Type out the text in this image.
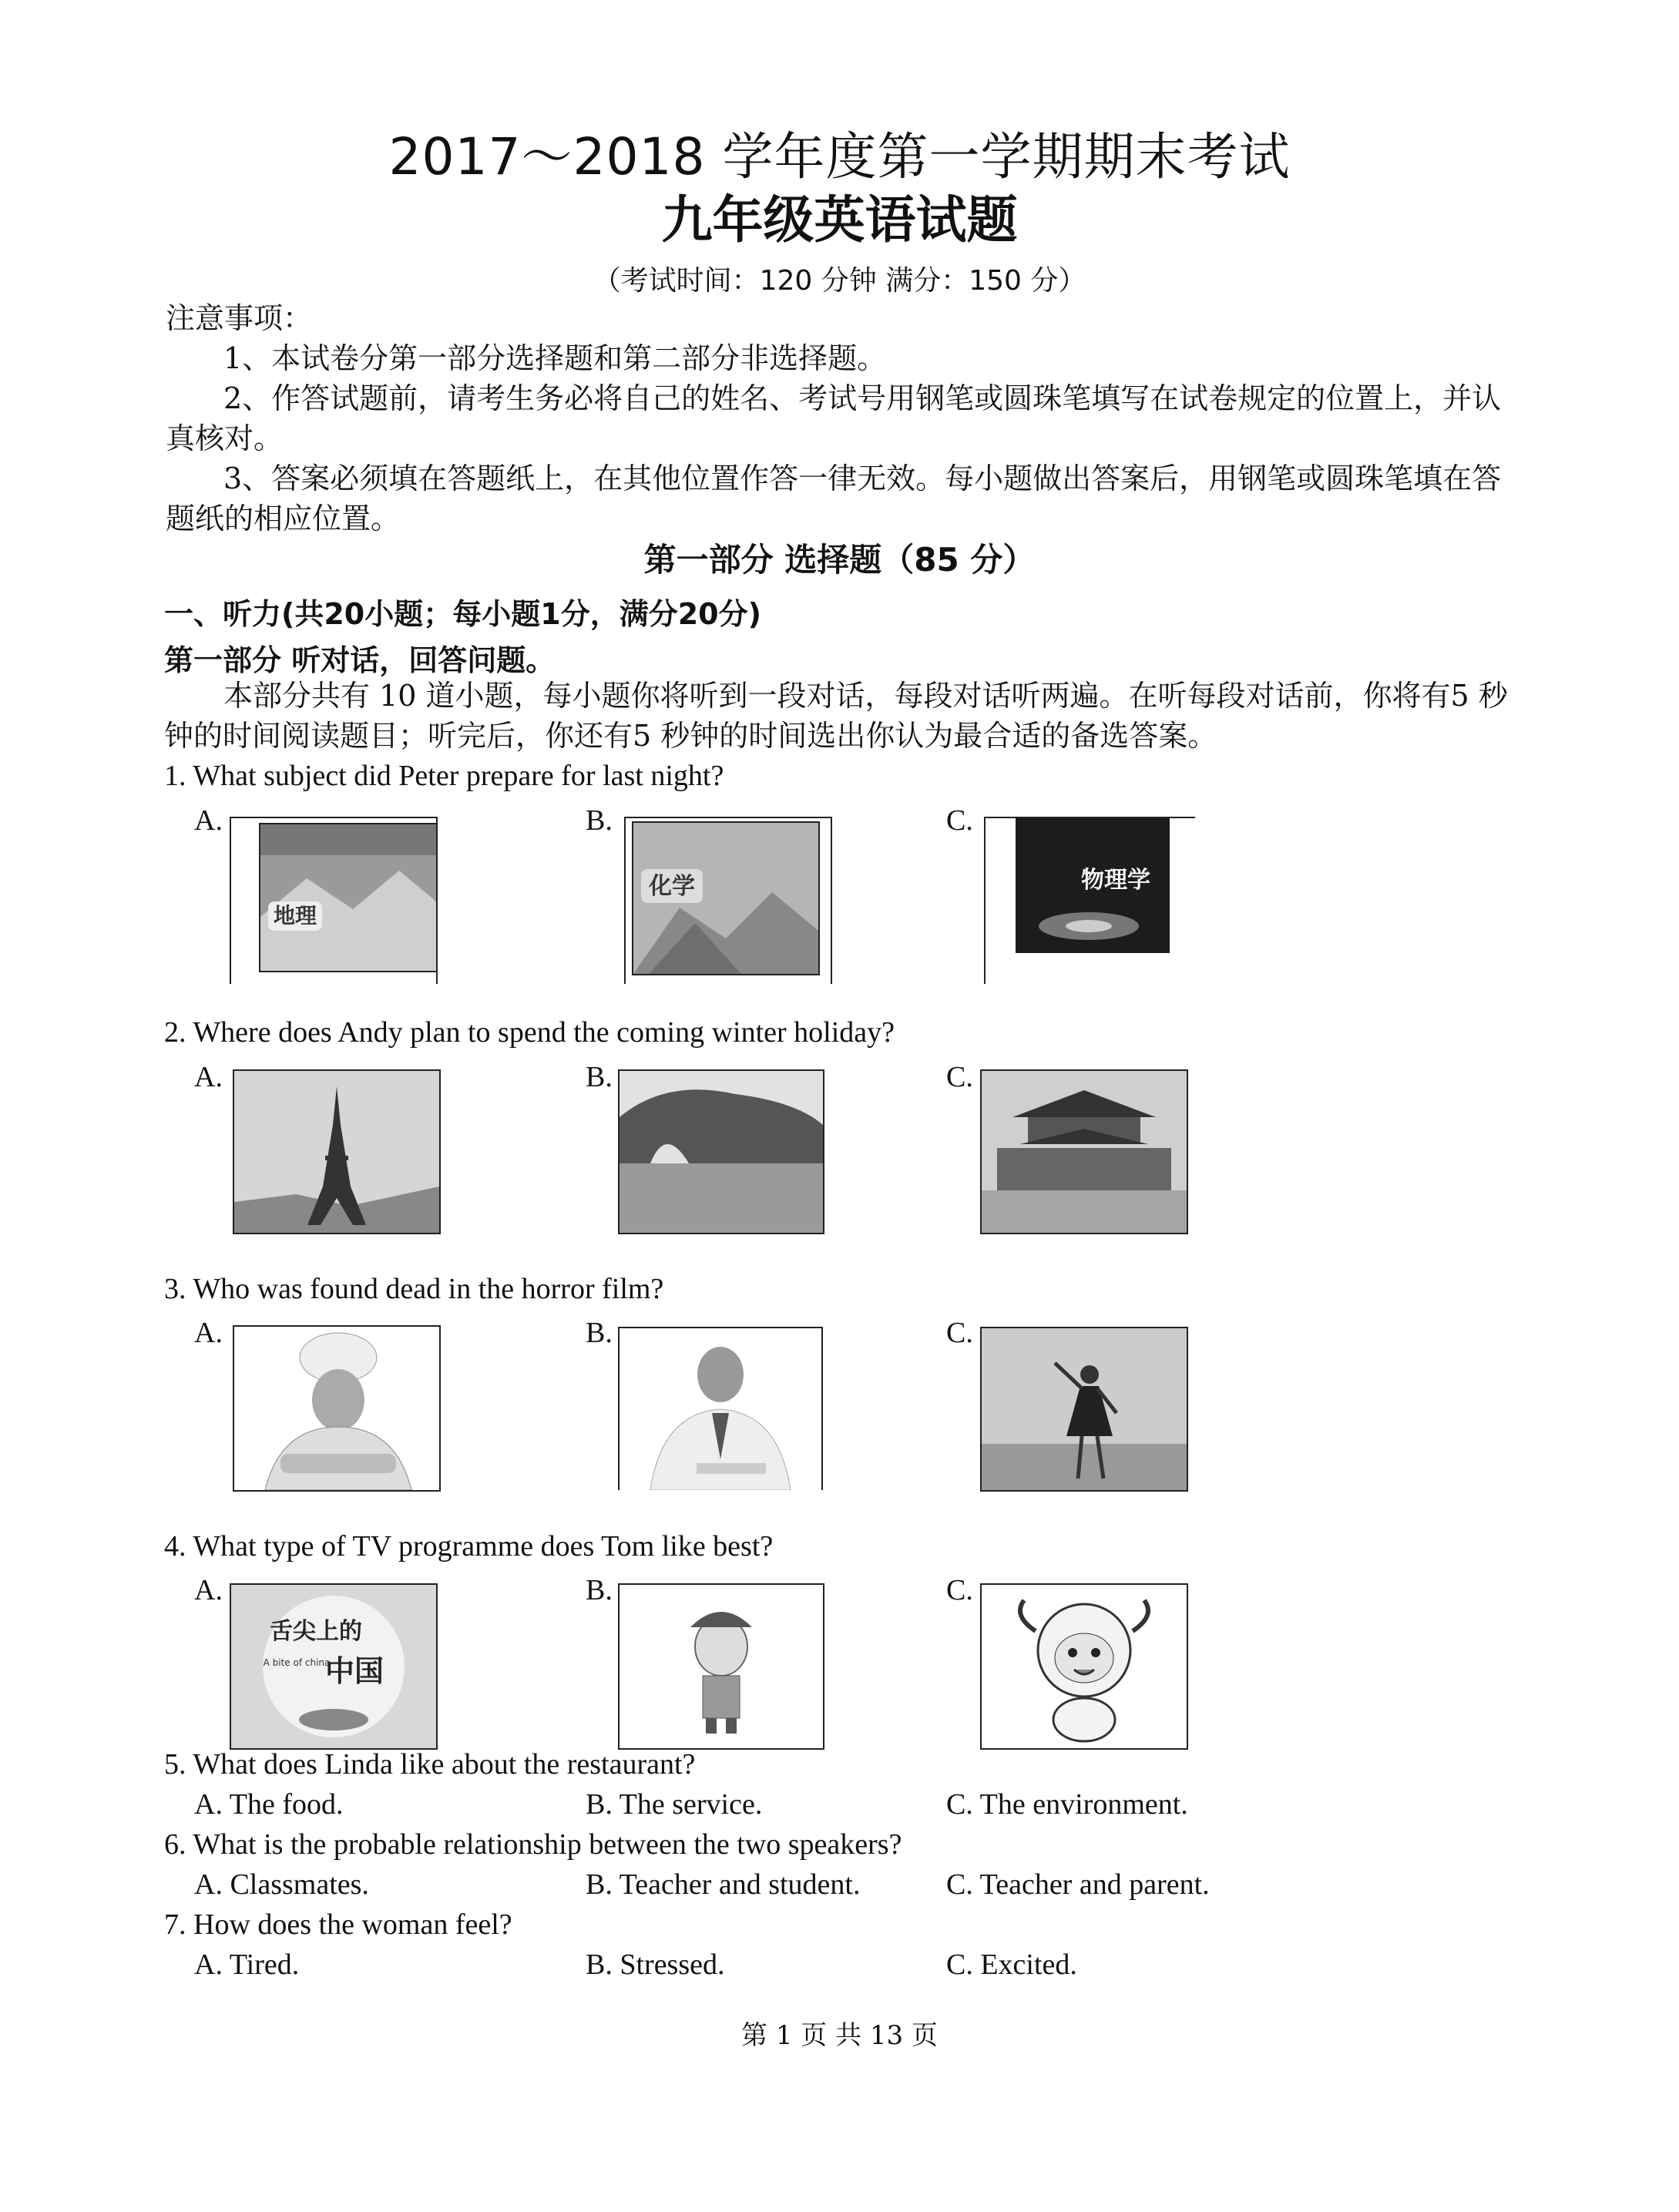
2017～2018 学年度第一学期期末考试
九年级英语试题
（考试时间：120 分钟 满分：150 分）
注意事项：
1、本试卷分第一部分选择题和第二部分非选择题。
2、作答试题前，请考生务必将自己的姓名、考试号用钢笔或圆珠笔填写在试卷规定的位置上，并认
真核对。
3、答案必须填在答题纸上，在其他位置作答一律无效。每小题做出答案后，用钢笔或圆珠笔填在答
题纸的相应位置。
第一部分 选择题（85 分）
一、听力(共20小题；每小题1分，满分20分)
第一部分 听对话，回答问题。
本部分共有 10 道小题，每小题你将听到一段对话，每段对话听两遍。在听每段对话前，你将有5 秒
钟的时间阅读题目；听完后，你还有5 秒钟的时间选出你认为最合适的备选答案。
1. What subject did Peter prepare for last night?
A.	B.	C.
地理
化学	物理学
2. Where does Andy plan to spend the coming winter holiday?
A.	B.	C.
3. Who was found dead in the horror film?
A.	B.	C.
4. What type of TV programme does Tom like best?
A.	B.	C.
舌尖上的
A bite of china
中国
5. What does Linda like about the restaurant?
A. The food.	B. The service.	C. The environment.
6. What is the probable relationship between the two speakers?
A. Classmates.	B. Teacher and student.	C. Teacher and parent.
7. How does the woman feel?
A. Tired.	B. Stressed.	C. Excited.
第 1 页 共 13 页
